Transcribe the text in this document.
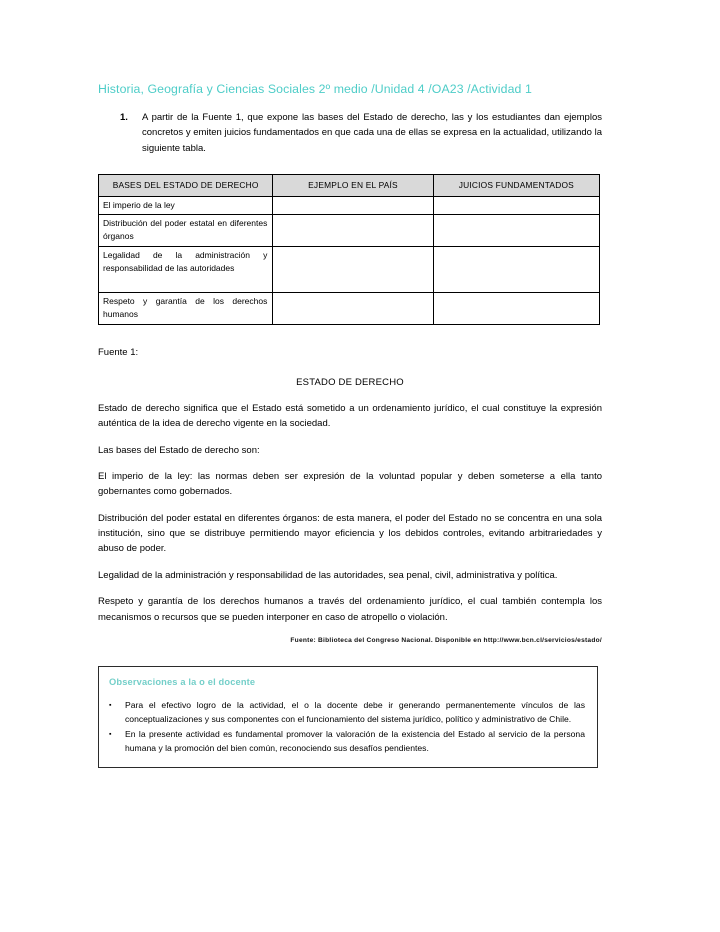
Historia, Geografía y Ciencias Sociales 2º medio /Unidad 4 /OA23 /Actividad 1
1.	A partir de la Fuente 1, que expone las bases del Estado de derecho, las y los estudiantes dan ejemplos concretos y emiten juicios fundamentados en que cada una de ellas se expresa en la actualidad, utilizando la siguiente tabla.
BASES DEL ESTADO DE DERECHO	EJEMPLO EN EL PAÍS	JUICIOS FUNDAMENTADOS
El imperio de la ley		
Distribución del poder estatal en diferentes órganos		
Legalidad de la administración y responsabilidad de las autoridades		
Respeto y garantía de los derechos humanos		
Fuente 1:
ESTADO DE DERECHO
Estado de derecho significa que el Estado está sometido a un ordenamiento jurídico, el cual constituye la expresión auténtica de la idea de derecho vigente en la sociedad.
Las bases del Estado de derecho son:
El imperio de la ley: las normas deben ser expresión de la voluntad popular y deben someterse a ella tanto gobernantes como gobernados.
Distribución del poder estatal en diferentes órganos: de esta manera, el poder del Estado no se concentra en una sola institución, sino que se distribuye permitiendo mayor eficiencia y los debidos controles, evitando arbitrariedades y abuso de poder.
Legalidad de la administración y responsabilidad de las autoridades, sea penal, civil, administrativa y política.
Respeto y garantía de los derechos humanos a través del ordenamiento jurídico, el cual también contempla los mecanismos o recursos que se pueden interponer en caso de atropello o violación.
Fuente: Biblioteca del Congreso Nacional. Disponible en http://www.bcn.cl/servicios/estado/
Observaciones a la o el docente
▪	Para el efectivo logro de la actividad, el o la docente debe ir generando permanentemente vínculos de las conceptualizaciones y sus componentes con el funcionamiento del sistema jurídico, político y administrativo de Chile.
▪	En la presente actividad es fundamental promover la valoración de la existencia del Estado al servicio de la persona humana y la promoción del bien común, reconociendo sus desafíos pendientes.
